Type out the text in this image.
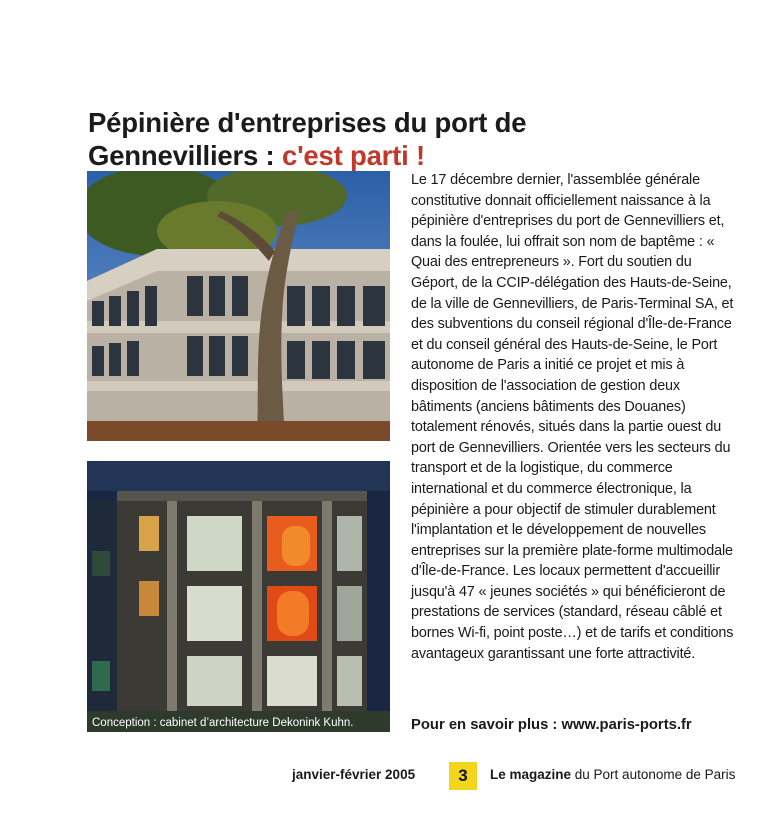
Pépinière d'entreprises du port de Gennevilliers : c'est parti !
Conception : cabinet d’architecture Dekonink Kuhn.
Le 17 décembre dernier, l'assemblée générale constitutive donnait officiellement naissance à la pépinière d'entreprises du port de Gennevilliers et, dans la foulée, lui offrait son nom de baptême : « Quai des entrepreneurs ». Fort du soutien du Géport, de la CCIP-délégation des Hauts-de-Seine, de la ville de Gennevilliers, de Paris-Terminal SA, et des subventions du conseil régional d'Île-de-France et du conseil général des Hauts-de-Seine, le Port autonome de Paris a initié ce projet et mis à disposition de l'association de gestion deux bâtiments (anciens bâtiments des Douanes) totalement rénovés, situés dans la partie ouest du port de Gennevilliers. Orientée vers les secteurs du transport et de la logistique, du commerce international et du commerce électronique, la pépinière a pour objectif de stimuler durablement l'implantation et le développement de nouvelles entreprises sur la première plate-forme multimodale d'Île-de-France. Les locaux permettent d'accueillir jusqu'à 47 « jeunes sociétés » qui bénéficieront de prestations de services (standard, réseau câblé et bornes Wi-fi, point poste…) et de tarifs et conditions avantageux garantissant une forte attractivité.
Pour en savoir plus : www.paris-ports.fr
janvier-février 2005	3	Le magazine du Port autonome de Paris
